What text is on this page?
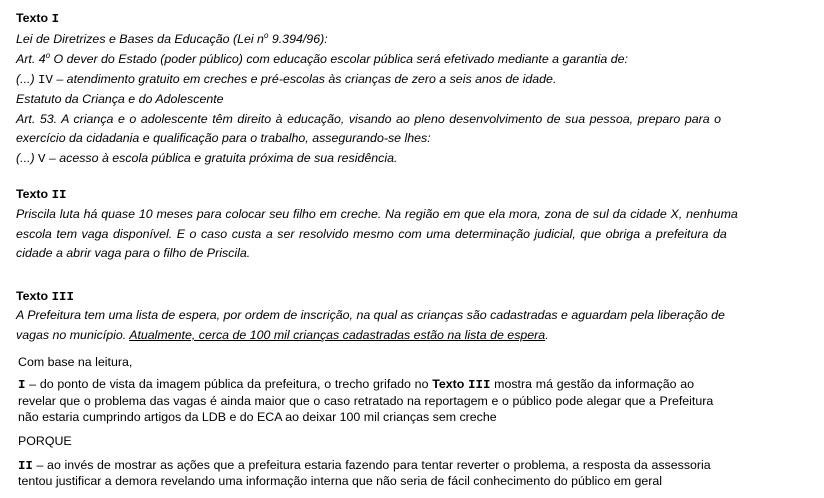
Texto I
Lei de Diretrizes e Bases da Educação (Lei $n^o$ 9.394/96):
Art. 4$^o$ O dever do Estado (poder público) com educação escolar pública será efetivado mediante a garantia de:
(...) IV – atendimento gratuito em creches e pré-escolas às crianças de zero a seis anos de idade.
Estatuto da Criança e do Adolescente
Art. 53. A criança e o adolescente têm direito à educação, visando ao pleno desenvolvimento de sua pessoa, preparo para o
exercício da cidadania e qualificação para o trabalho, assegurando-se lhes:
(...) V – acesso à escola pública e gratuita próxima de sua residência.
Texto II
Priscila luta há quase 10 meses para colocar seu filho em creche. Na região em que ela mora, zona de sul da cidade X, nenhuma
escola tem vaga disponível. E o caso custa a ser resolvido mesmo com uma determinação judicial, que obriga a prefeitura da
cidade a abrir vaga para o filho de Priscila.
Texto III
A Prefeitura tem uma lista de espera, por ordem de inscrição, na qual as crianças são cadastradas e aguardam pela liberação de
vagas no município. Atualmente, cerca de 100 mil crianças cadastradas estão na lista de espera.
Com base na leitura,
I – do ponto de vista da imagem pública da prefeitura, o trecho grifado no Texto III mostra má gestão da informação ao
revelar que o problema das vagas é ainda maior que o caso retratado na reportagem e o público pode alegar que a Prefeitura
não estaria cumprindo artigos da LDB e do ECA ao deixar 100 mil crianças sem creche
PORQUE
II – ao invés de mostrar as ações que a prefeitura estaria fazendo para tentar reverter o problema, a resposta da assessoria
tentou justificar a demora revelando uma informação interna que não seria de fácil conhecimento do público em geral
